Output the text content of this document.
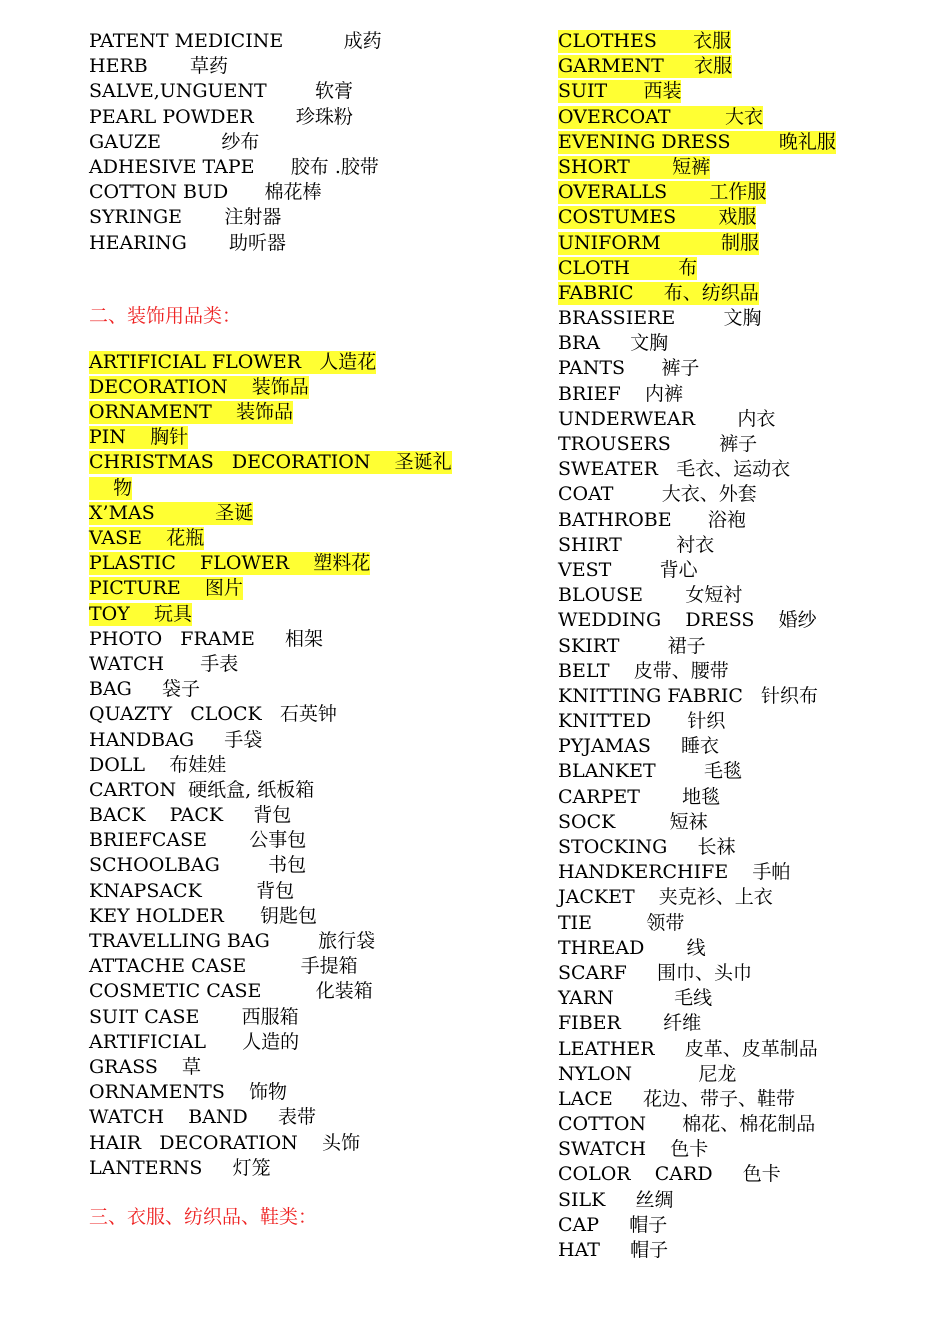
PATENT MEDICINE          成药
HERB       草药
SALVE,UNGUENT        软膏
PEARL POWDER       珍珠粉
GAUZE          纱布
ADHESIVE TAPE      胶布 .胶带
COTTON BUD      棉花棒
SYRINGE       注射器
HEARING       助听器
二、装饰用品类：
ARTIFICIAL FLOWER   人造花
DECORATION    装饰品
ORNAMENT    装饰品
PIN    胸针
CHRISTMAS   DECORATION    圣诞礼
物
X’MAS          圣诞
VASE    花瓶
PLASTIC    FLOWER    塑料花
PICTURE    图片
TOY    玩具
PHOTO   FRAME     相架
WATCH      手表
BAG     袋子
QUAZTY   CLOCK   石英钟
HANDBAG     手袋
DOLL    布娃娃
CARTON  硬纸盒, 纸板箱
BACK    PACK     背包
BRIEFCASE       公事包
SCHOOLBAG        书包
KNAPSACK         背包
KEY HOLDER      钥匙包
TRAVELLING BAG        旅行袋
ATTACHE CASE         手提箱
COSMETIC CASE         化装箱
SUIT CASE       西服箱
ARTIFICIAL      人造的
GRASS    草
ORNAMENTS    饰物
WATCH    BAND     表带
HAIR   DECORATION    头饰
LANTERNS     灯笼
三、衣服、纺织品、鞋类：
CLOTHES      衣服
GARMENT     衣服
SUIT      西装
OVERCOAT         大衣
EVENING DRESS        晚礼服
SHORT       短裤
OVERALLS       工作服
COSTUMES       戏服
UNIFORM          制服
CLOTH        布
FABRIC     布、纺织品
BRASSIERE        文胸
BRA     文胸
PANTS      裤子
BRIEF    内裤
UNDERWEAR       内衣
TROUSERS        裤子
SWEATER   毛衣、运动衣
COAT        大衣、外套
BATHROBE      浴袍
SHIRT         衬衣
VEST        背心
BLOUSE       女短衬
WEDDING    DRESS    婚纱
SKIRT        裙子
BELT    皮带、腰带
KNITTING FABRIC   针织布
KNITTED      针织
PYJAMAS     睡衣
BLANKET        毛毯
CARPET       地毯
SOCK         短袜
STOCKING     长袜
HANDKERCHIFE    手帕
JACKET    夹克衫、上衣
TIE         领带
THREAD       线
SCARF     围巾、头巾
YARN          毛线
FIBER       纤维
LEATHER     皮革、皮革制品
NYLON           尼龙
LACE     花边、带子、鞋带
COTTON      棉花、棉花制品
SWATCH    色卡
COLOR    CARD     色卡
SILK     丝绸
CAP     帽子
HAT     帽子
